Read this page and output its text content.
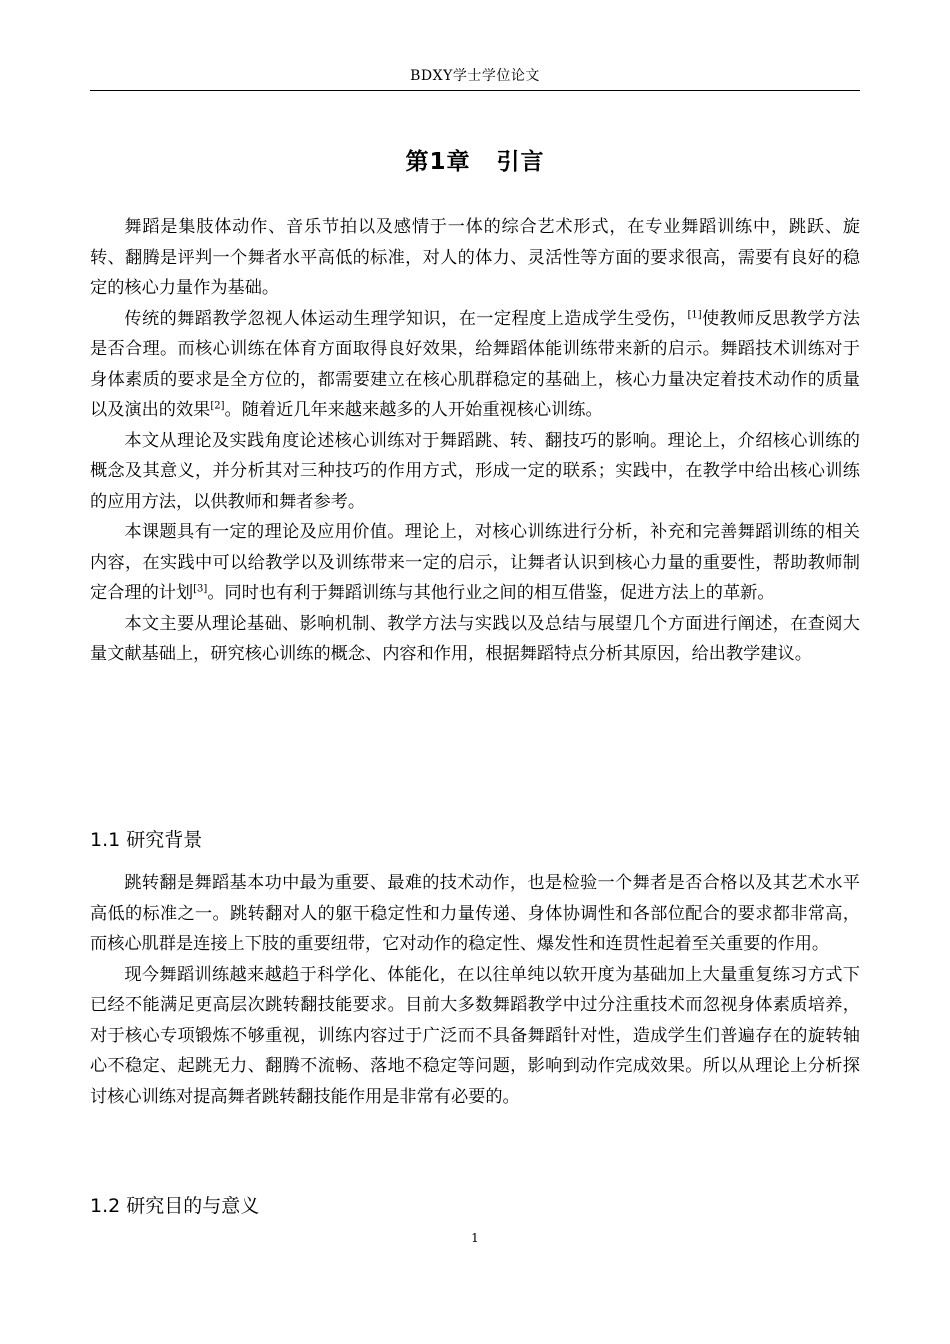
BDXY学士学位论文
第1章 引言

舞蹈是集肢体动作、音乐节拍以及感情于一体的综合艺术形式，在专业舞蹈训练中，跳跃、旋转、翻腾是评判一个舞者水平高低的标准，对人的体力、灵活性等方面的要求很高，需要有良好的稳定的核心力量作为基础。

传统的舞蹈教学忽视人体运动生理学知识，在一定程度上造成学生受伤，[1]使教师反思教学方法是否合理。而核心训练在体育方面取得良好效果，给舞蹈体能训练带来新的启示。舞蹈技术训练对于身体素质的要求是全方位的，都需要建立在核心肌群稳定的基础上，核心力量决定着技术动作的质量以及演出的效果[2]。随着近几年来越来越多的人开始重视核心训练。

本文从理论及实践角度论述核心训练对于舞蹈跳、转、翻技巧的影响。理论上，介绍核心训练的概念及其意义，并分析其对三种技巧的作用方式，形成一定的联系；实践中，在教学中给出核心训练的应用方法，以供教师和舞者参考。

本课题具有一定的理论及应用价值。理论上，对核心训练进行分析，补充和完善舞蹈训练的相关内容，在实践中可以给教学以及训练带来一定的启示，让舞者认识到核心力量的重要性，帮助教师制定合理的计划[3]。同时也有利于舞蹈训练与其他行业之间的相互借鉴，促进方法上的革新。

本文主要从理论基础、影响机制、教学方法与实践以及总结与展望几个方面进行阐述，在查阅大量文献基础上，研究核心训练的概念、内容和作用，根据舞蹈特点分析其原因，给出教学建议。

1.1 研究背景

跳转翻是舞蹈基本功中最为重要、最难的技术动作，也是检验一个舞者是否合格以及其艺术水平高低的标准之一。跳转翻对人的躯干稳定性和力量传递、身体协调性和各部位配合的要求都非常高，而核心肌群是连接上下肢的重要纽带，它对动作的稳定性、爆发性和连贯性起着至关重要的作用。

现今舞蹈训练越来越趋于科学化、体能化，在以往单纯以软开度为基础加上大量重复练习方式下已经不能满足更高层次跳转翻技能要求。目前大多数舞蹈教学中过分注重技术而忽视身体素质培养，对于核心专项锻炼不够重视，训练内容过于广泛而不具备舞蹈针对性，造成学生们普遍存在的旋转轴心不稳定、起跳无力、翻腾不流畅、落地不稳定等问题，影响到动作完成效果。所以从理论上分析探讨核心训练对提高舞者跳转翻技能作用是非常有必要的。

1.2 研究目的与意义
1
